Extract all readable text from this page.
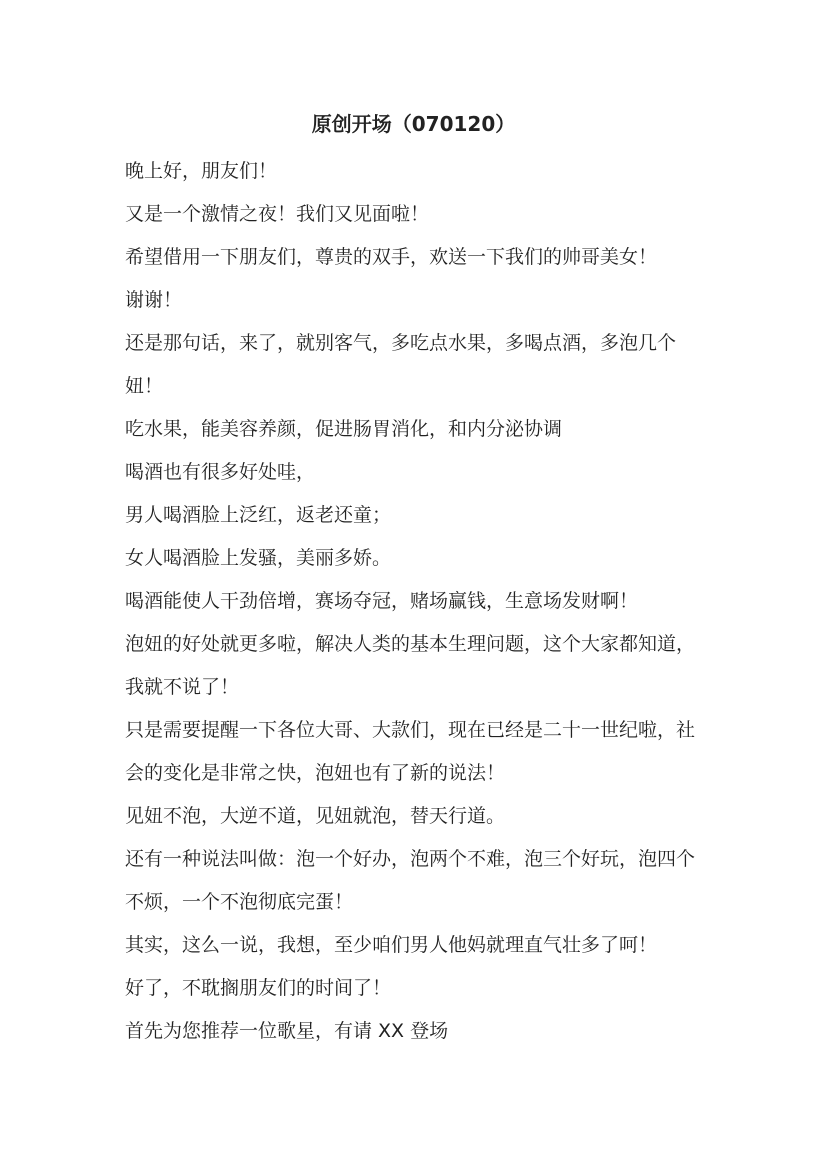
原创开场（070120）

晚上好，朋友们！

又是一个激情之夜！我们又见面啦！

希望借用一下朋友们，尊贵的双手，欢送一下我们的帅哥美女！

谢谢！

还是那句话，来了，就别客气，多吃点水果，多喝点酒，多泡几个妞！

吃水果，能美容养颜，促进肠胃消化，和内分泌协调

喝酒也有很多好处哇，

男人喝酒脸上泛红，返老还童；

女人喝酒脸上发骚，美丽多娇。

喝酒能使人干劲倍增，赛场夺冠，赌场赢钱，生意场发财啊！

泡妞的好处就更多啦，解决人类的基本生理问题，这个大家都知道，我就不说了！

只是需要提醒一下各位大哥、大款们，现在已经是二十一世纪啦，社会的变化是非常之快，泡妞也有了新的说法！

见妞不泡，大逆不道，见妞就泡，替天行道。

还有一种说法叫做：泡一个好办，泡两个不难，泡三个好玩，泡四个不烦，一个不泡彻底完蛋！

其实，这么一说，我想，至少咱们男人他妈就理直气壮多了呵！

好了，不耽搁朋友们的时间了！

首先为您推荐一位歌星，有请 XX 登场
